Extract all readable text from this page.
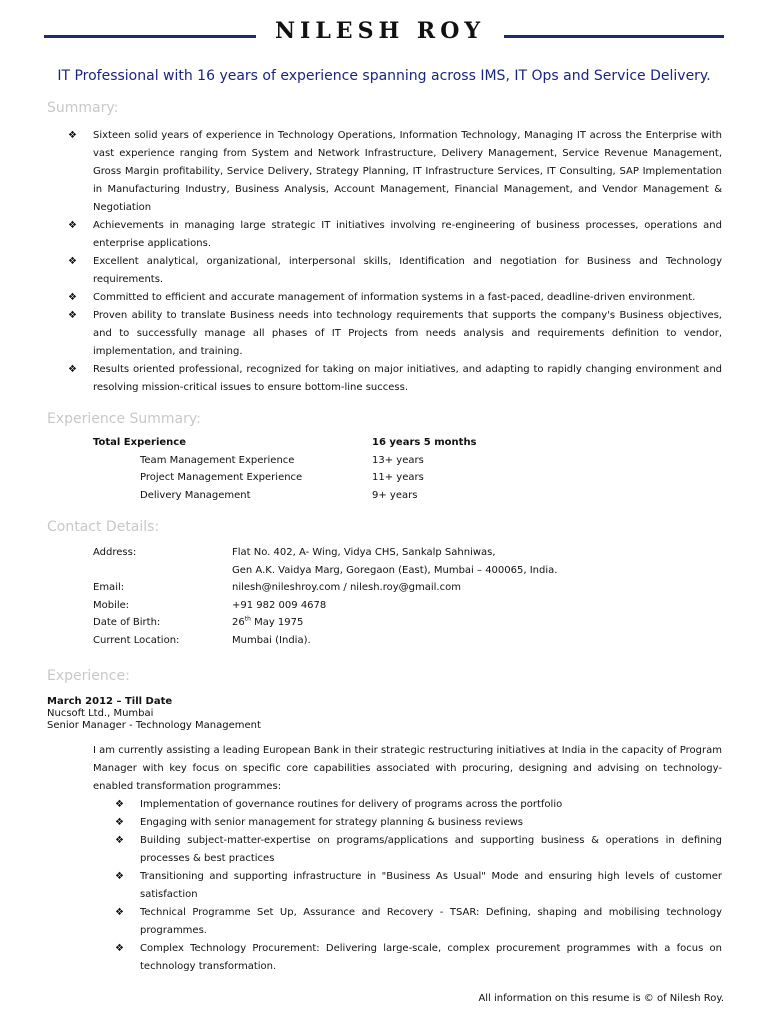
NILESH ROY
IT Professional with 16 years of experience spanning across IMS, IT Ops and Service Delivery.
Summary:
❖ Sixteen solid years of experience in Technology Operations, Information Technology, Managing IT across the Enterprise with vast experience ranging from System and Network Infrastructure, Delivery Management, Service Revenue Management, Gross Margin profitability, Service Delivery, Strategy Planning, IT Infrastructure Services, IT Consulting, SAP Implementation in Manufacturing Industry, Business Analysis, Account Management, Financial Management, and Vendor Management & Negotiation
❖ Achievements in managing large strategic IT initiatives involving re-engineering of business processes, operations and enterprise applications.
❖ Excellent analytical, organizational, interpersonal skills, Identification and negotiation for Business and Technology requirements.
❖ Committed to efficient and accurate management of information systems in a fast-paced, deadline-driven environment.
❖ Proven ability to translate Business needs into technology requirements that supports the company's Business objectives, and to successfully manage all phases of IT Projects from needs analysis and requirements definition to vendor, implementation, and training.
❖ Results oriented professional, recognized for taking on major initiatives, and adapting to rapidly changing environment and resolving mission-critical issues to ensure bottom-line success.
Experience Summary:
Total Experience	16 years 5 months
Team Management Experience	13+ years
Project Management Experience	11+ years
Delivery Management	9+ years
Contact Details:
Address:	Flat No. 402, A- Wing, Vidya CHS, Sankalp Sahniwas,
Gen A.K. Vaidya Marg, Goregaon (East), Mumbai – 400065, India.
Email:	nilesh@nileshroy.com / nilesh.roy@gmail.com
Mobile:	+91 982 009 4678
Date of Birth:	26th May 1975
Current Location:	Mumbai (India).
Experience:
March 2012 – Till Date
Nucsoft Ltd., Mumbai
Senior Manager - Technology Management
I am currently assisting a leading European Bank in their strategic restructuring initiatives at India in the capacity of Program Manager with key focus on specific core capabilities associated with procuring, designing and advising on technology-enabled transformation programmes:
❖ Implementation of governance routines for delivery of programs across the portfolio
❖ Engaging with senior management for strategy planning & business reviews
❖ Building subject-matter-expertise on programs/applications and supporting business & operations in defining processes & best practices
❖ Transitioning and supporting infrastructure in "Business As Usual" Mode and ensuring high levels of customer satisfaction
❖ Technical Programme Set Up, Assurance and Recovery - TSAR: Defining, shaping and mobilising technology programmes.
❖ Complex Technology Procurement: Delivering large-scale, complex procurement programmes with a focus on technology transformation.
All information on this resume is © of Nilesh Roy.
